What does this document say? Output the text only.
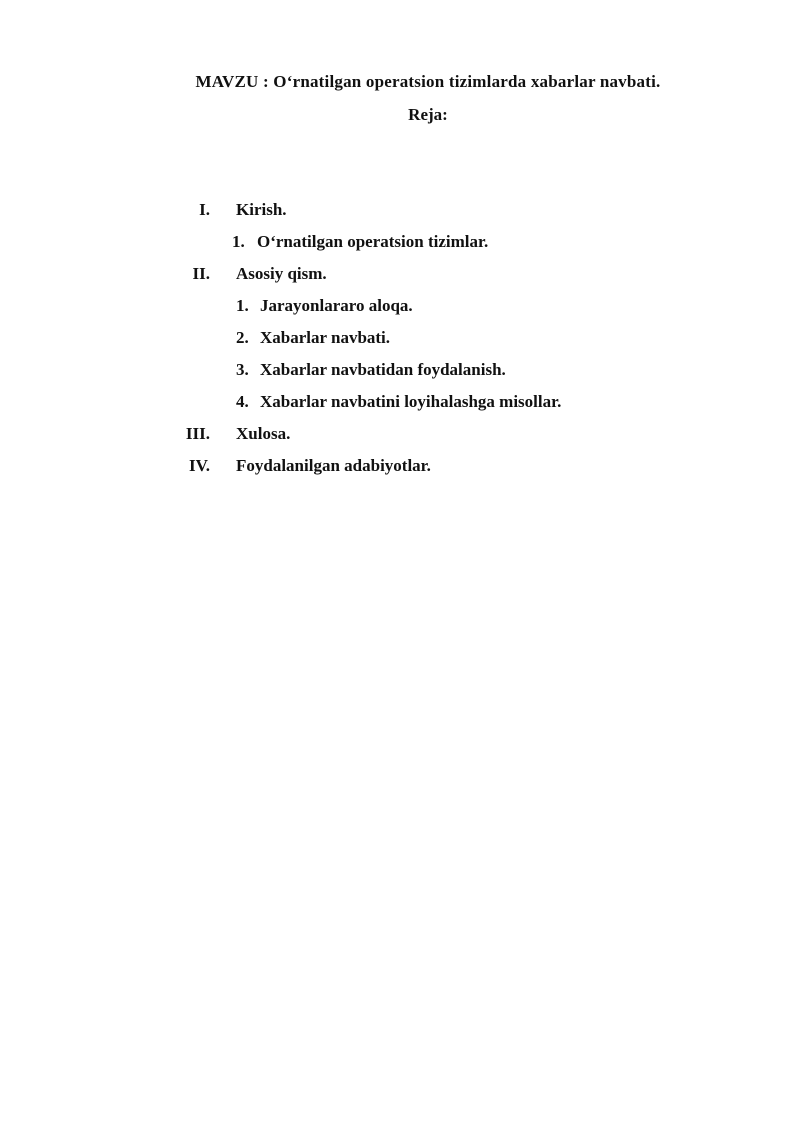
MAVZU : O‘rnatilgan operatsion tizimlarda xabarlar navbati.
Reja:
I. Kirish.
1. O‘rnatilgan operatsion tizimlar.
II. Asosiy qism.
1. Jarayonlararo aloqa.
2. Xabarlar navbati.
3. Xabarlar navbatidan foydalanish.
4. Xabarlar navbatini loyihalashga misollar.
III. Xulosa.
IV. Foydalanilgan adabiyotlar.
